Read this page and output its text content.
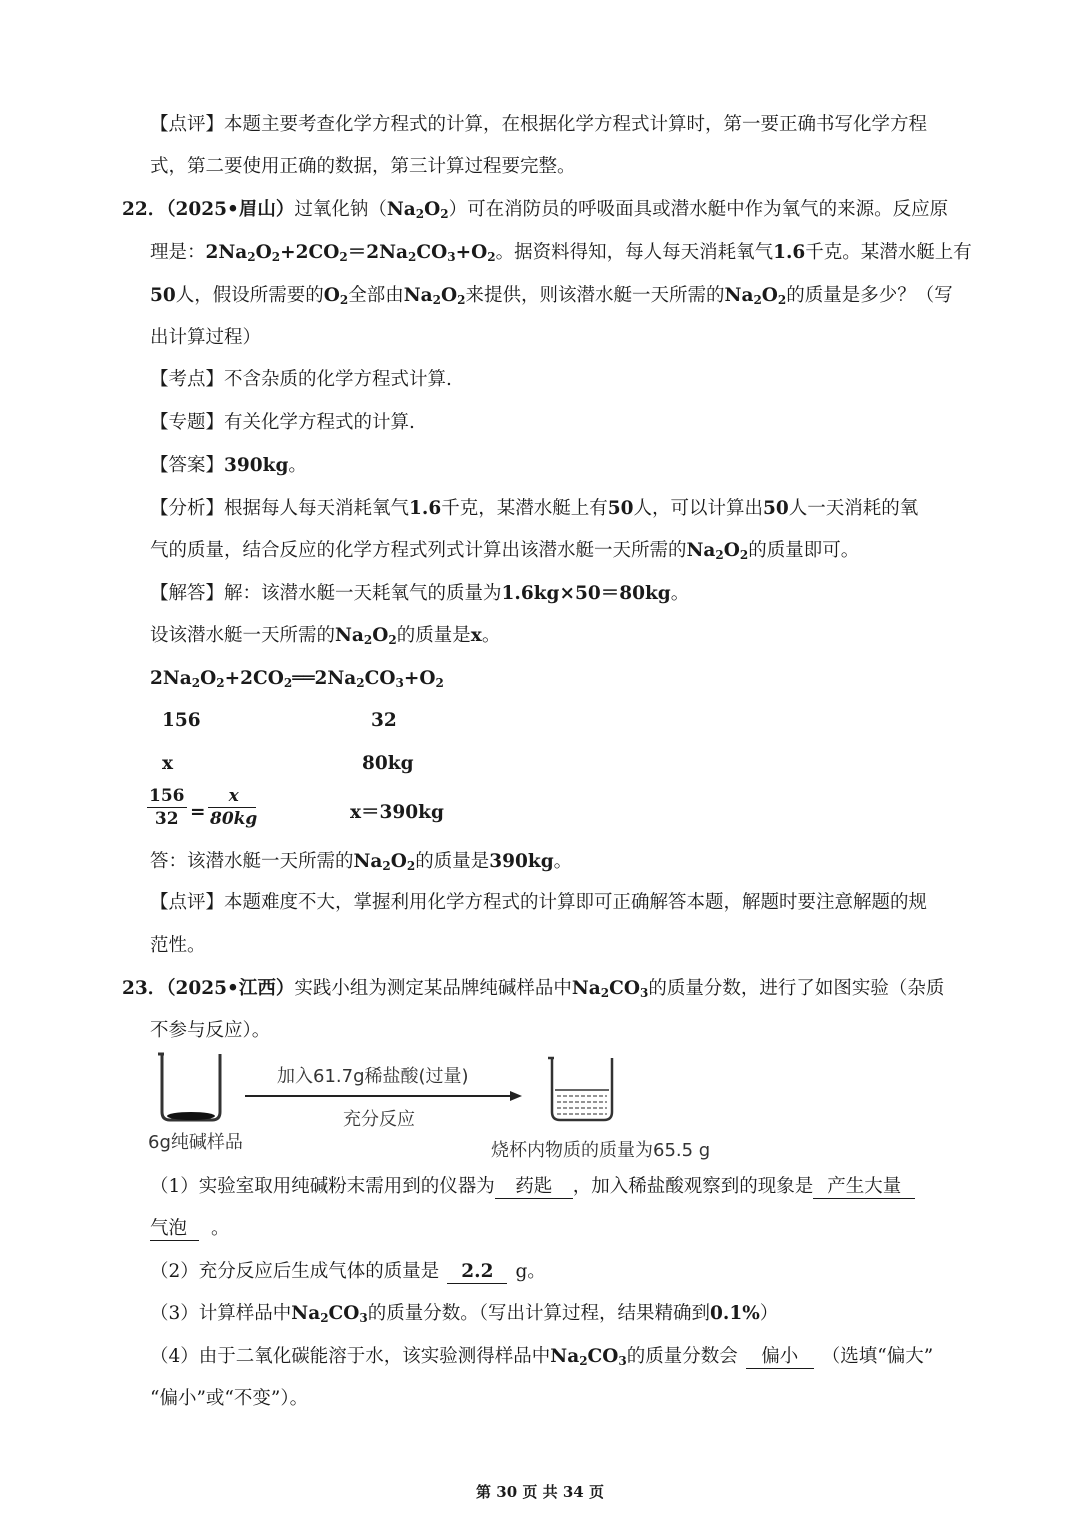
【点评】本题主要考查化学方程式的计算，在根据化学方程式计算时，第一要正确书写化学方程
式，第二要使用正确的数据，第三计算过程要完整。
22．（2025•眉山）过氧化钠$(Na_2O_2)$可在消防员的呼吸面具或潜水艇中作为氧气的来源。反应原
理是：$2Na_2O_2+2CO_2=2Na_2CO_3+O_2$。据资料得知，每人每天消耗氧气1.6千克。某潜水艇上有
50人，假设所需要的$O_2$全部由$Na_2O_2$来提供，则该潜水艇一天所需的$Na_2O_2$的质量是多少？（写
出计算过程）
【考点】不含杂质的化学方程式计算.
【专题】有关化学方程式的计算.
【答案】390kg。
【分析】根据每人每天消耗氧气1.6千克，某潜水艇上有50人，可以计算出50人一天消耗的氧
气的质量，结合反应的化学方程式列式计算出该潜水艇一天所需的$Na_2O_2$的质量即可。
【解答】解：该潜水艇一天耗氧气的质量为1.6kg×50＝80kg。
设该潜水艇一天所需的$Na_2O_2$的质量是x。
$2Na_2O_2+2CO_2══2Na_2CO_3+O_2$
156	32
x	80kg
156
32 =
x
80kg	x＝390kg
答：该潜水艇一天所需的$Na_2O_2$的质量是390kg。
【点评】本题难度不大，掌握利用化学方程式的计算即可正确解答本题，解题时要注意解题的规
范性。
23．（2025•江西）实践小组为测定某品牌纯碱样品中$Na_2CO_3$的质量分数，进行了如图实验（杂质
不参与反应）。
加入61.7g稀盐酸(过量)
充分反应
6g纯碱样品	烧杯内物质的质量为65.5 g
（1）实验室取用纯碱粉末需用到的仪器为 药匙 ，加入稀盐酸观察到的现象是 产生大量
气泡 。
（2）充分反应后生成气体的质量是 2.2 g。
（3）计算样品中$Na_2CO_3$的质量分数。（写出计算过程，结果精确到0.1%）
（4）由于二氧化碳能溶于水，该实验测得样品中$Na_2CO_3$的质量分数会 偏小 （选填“偏大”
“偏小”或“不变”）。
第 30 页 共 34 页
